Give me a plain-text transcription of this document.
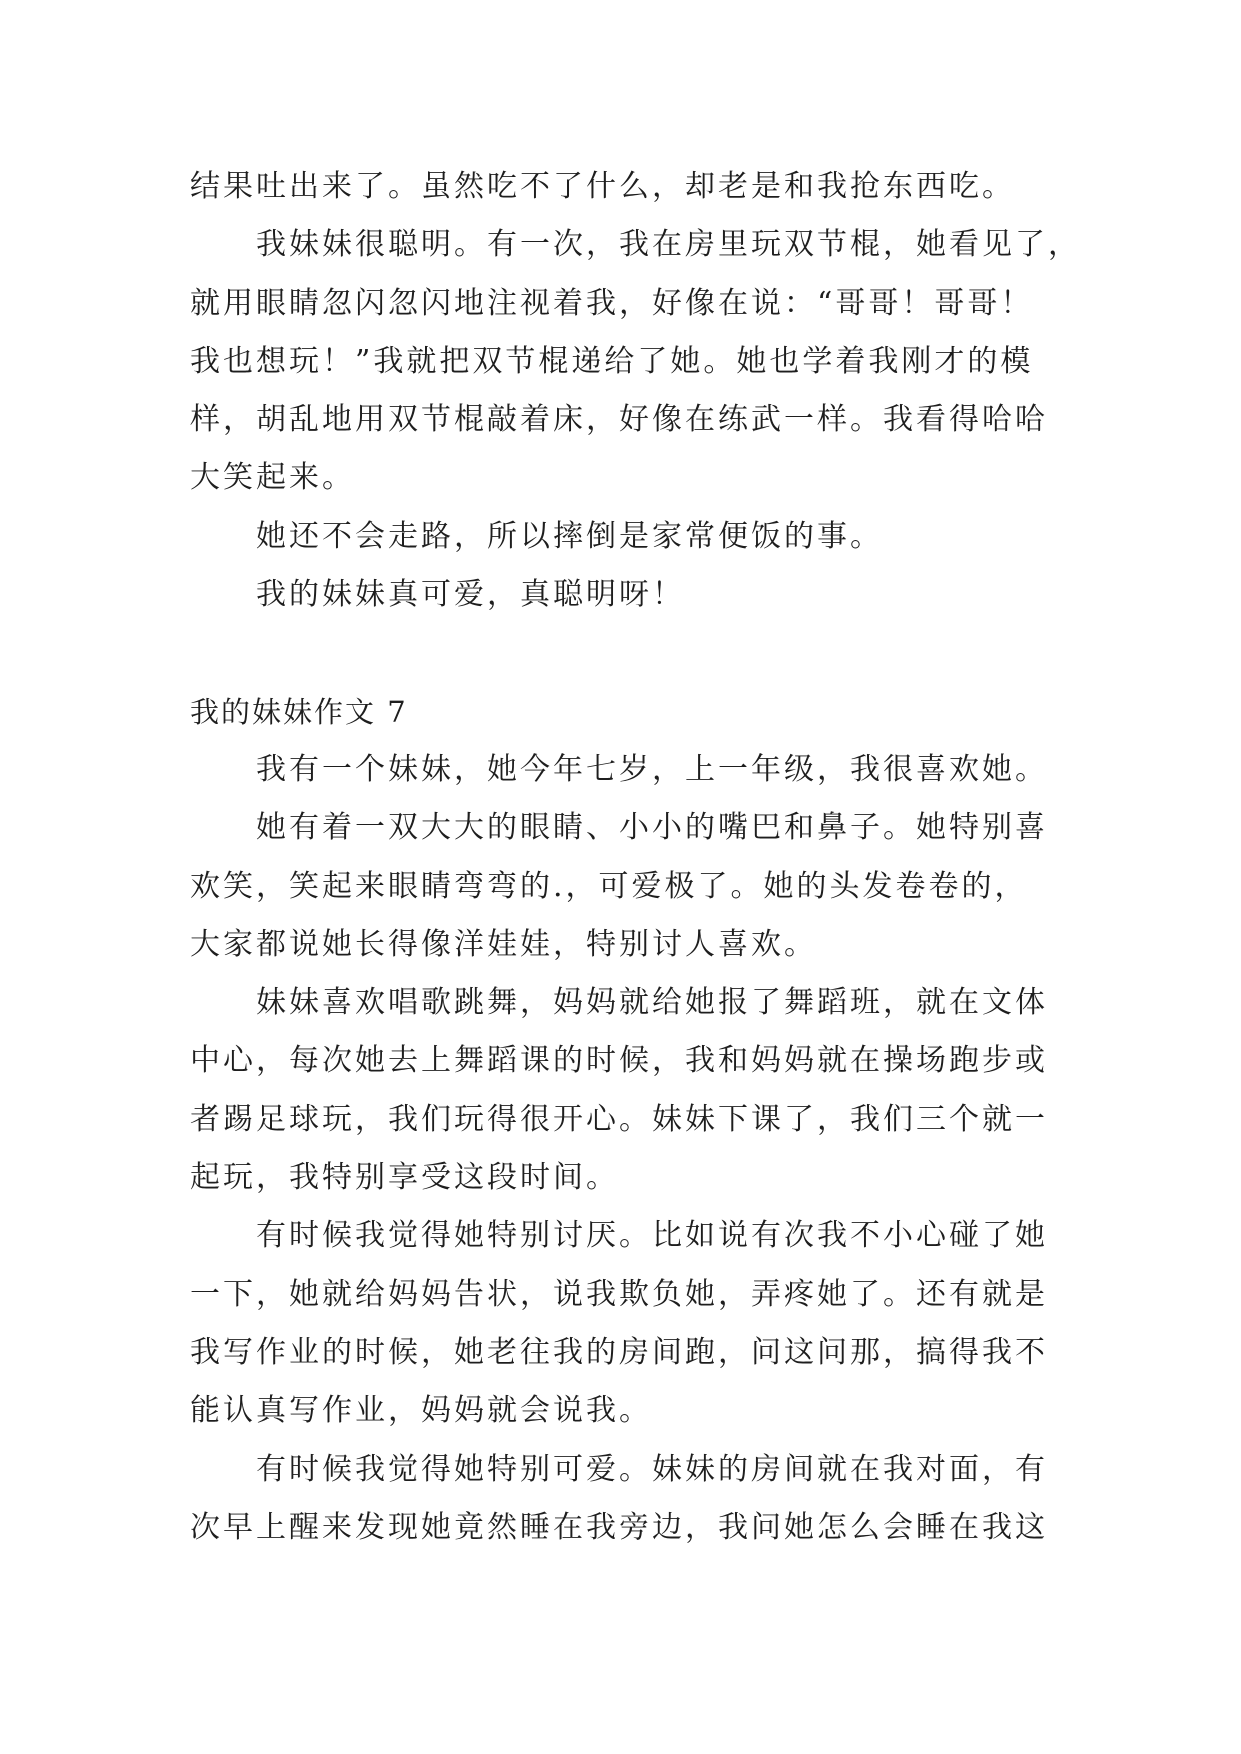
结果吐出来了。虽然吃不了什么，却老是和我抢东西吃。
我妹妹很聪明。有一次，我在房里玩双节棍，她看见了，
就用眼睛忽闪忽闪地注视着我，好像在说：“哥哥！哥哥！
我也想玩！”我就把双节棍递给了她。她也学着我刚才的模
样，胡乱地用双节棍敲着床，好像在练武一样。我看得哈哈
大笑起来。
她还不会走路，所以摔倒是家常便饭的事。
我的妹妹真可爱，真聪明呀！
我的妹妹作文 7
我有一个妹妹，她今年七岁，上一年级，我很喜欢她。
她有着一双大大的眼睛、小小的嘴巴和鼻子。她特别喜
欢笑，笑起来眼睛弯弯的.，可爱极了。她的头发卷卷的，
大家都说她长得像洋娃娃，特别讨人喜欢。
妹妹喜欢唱歌跳舞，妈妈就给她报了舞蹈班，就在文体
中心，每次她去上舞蹈课的时候，我和妈妈就在操场跑步或
者踢足球玩，我们玩得很开心。妹妹下课了，我们三个就一
起玩，我特别享受这段时间。
有时候我觉得她特别讨厌。比如说有次我不小心碰了她
一下，她就给妈妈告状，说我欺负她，弄疼她了。还有就是
我写作业的时候，她老往我的房间跑，问这问那，搞得我不
能认真写作业，妈妈就会说我。
有时候我觉得她特别可爱。妹妹的房间就在我对面，有
次早上醒来发现她竟然睡在我旁边，我问她怎么会睡在我这
